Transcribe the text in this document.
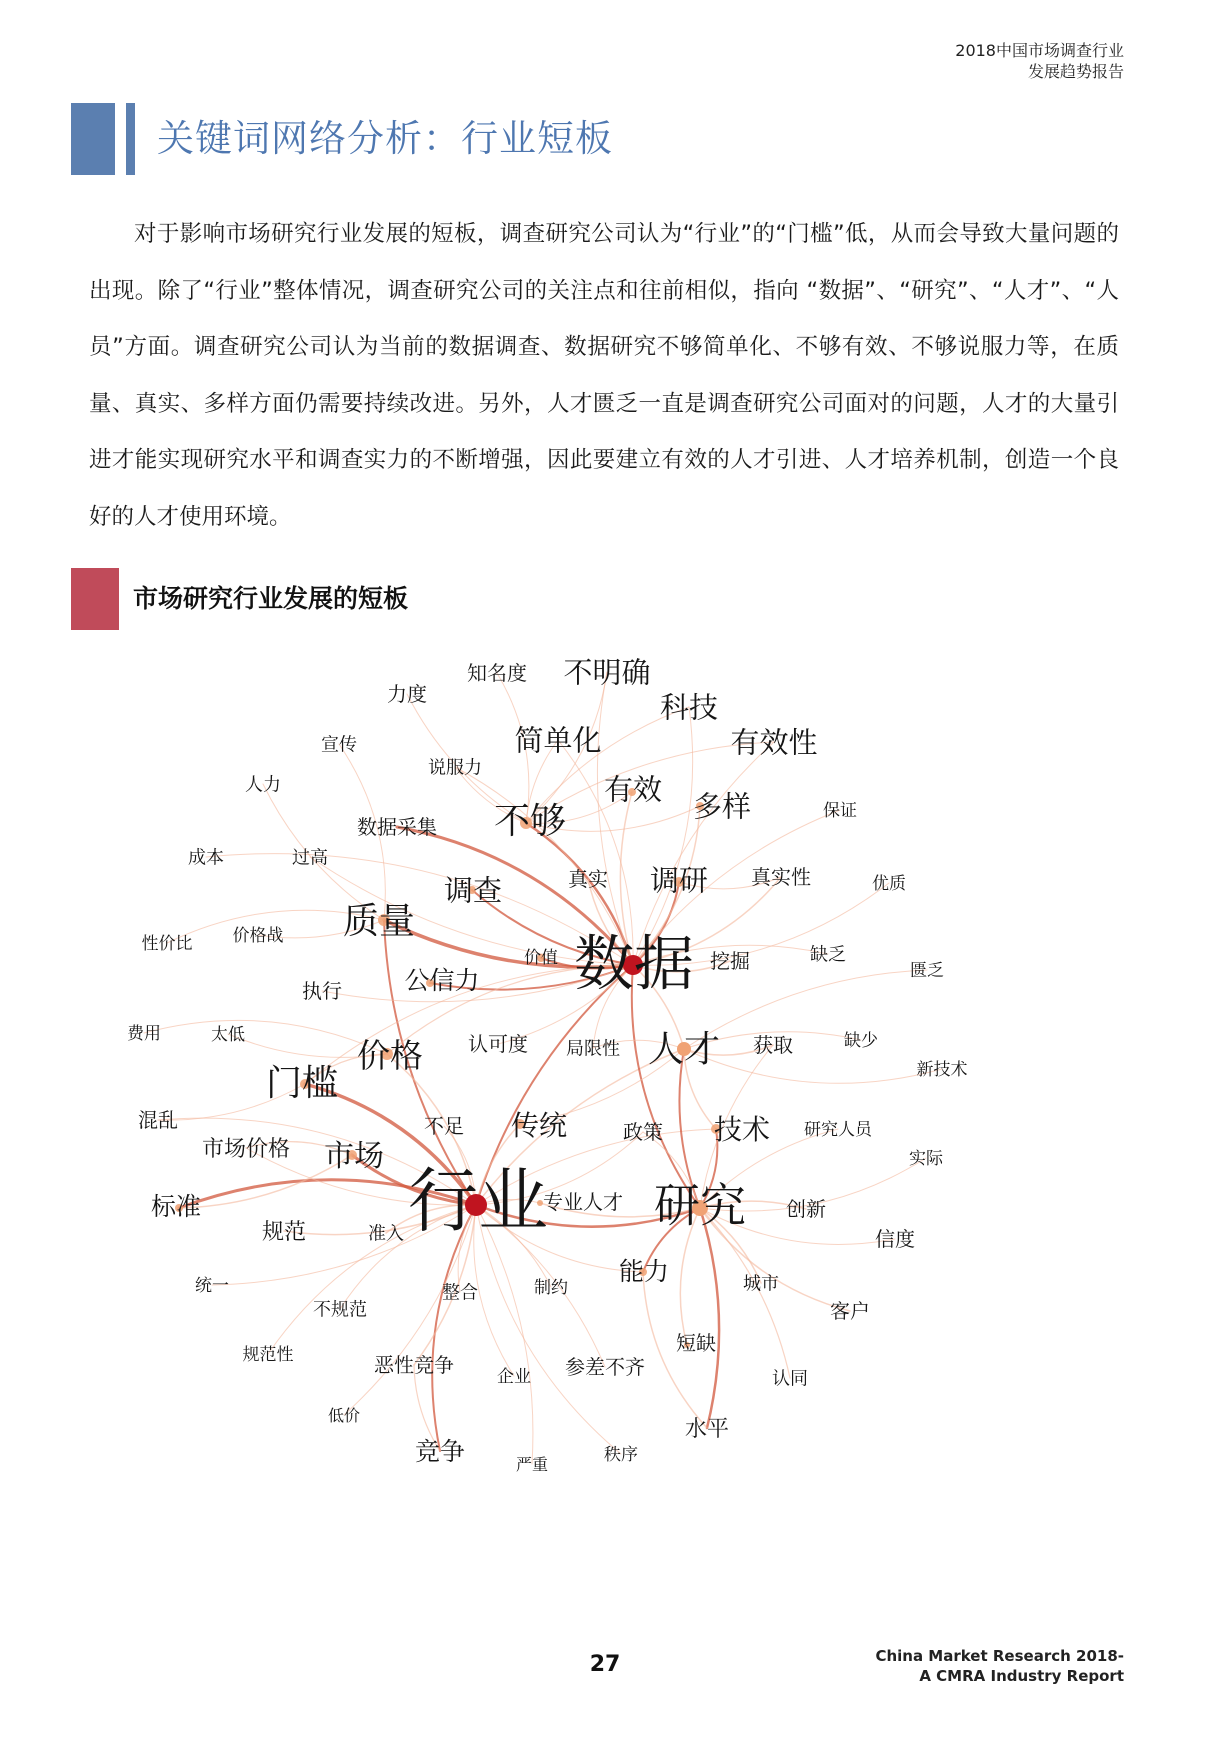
2018中国市场调查行业
发展趋势报告
关键词网络分析：行业短板

对于影响市场研究行业发展的短板，调查研究公司认为“行业”的“门槛”低，从而会导致大量问题的出现。除了“行业”整体情况，调查研究公司的关注点和往前相似，指向 “数据”、“研究”、“人才”、“人员”方面。调查研究公司认为当前的数据调查、数据研究不够简单化、不够有效、不够说服力等，在质量、真实、多样方面仍需要持续改进。另外，人才匮乏一直是调查研究公司面对的问题，人才的大量引进才能实现研究水平和调查实力的不断增强，因此要建立有效的人才引进、人才培养机制，创造一个良好的人才使用环境。

市场研究行业发展的短板
知名度 不明确
力度	科技
简单化	有效性
宣传
说服力
有效
人力
多样	保证
数据采集 不够
成本	过高
真实 调研 真实性
调查	优质
质量
性价比 价格战
价值 数据 挖掘	缺乏
匮乏
公信力
执行
费用	太低	认可度 局限性 人才 获取	缺少
价格	新技术
门槛
混乱	不足 传统	政策 技术 研究人员
市场价格 市场	实际
标准	行业
专业人才 研究 创新
规范	准入	信度
能力
统一	城市
整合	制约
不规范	客户
短缺
规范性	恶性竞争	参差不齐
企业	认同
低价
水平
竞争	秩序
严重
27	China Market Research 2018-
A CMRA Industry Report
